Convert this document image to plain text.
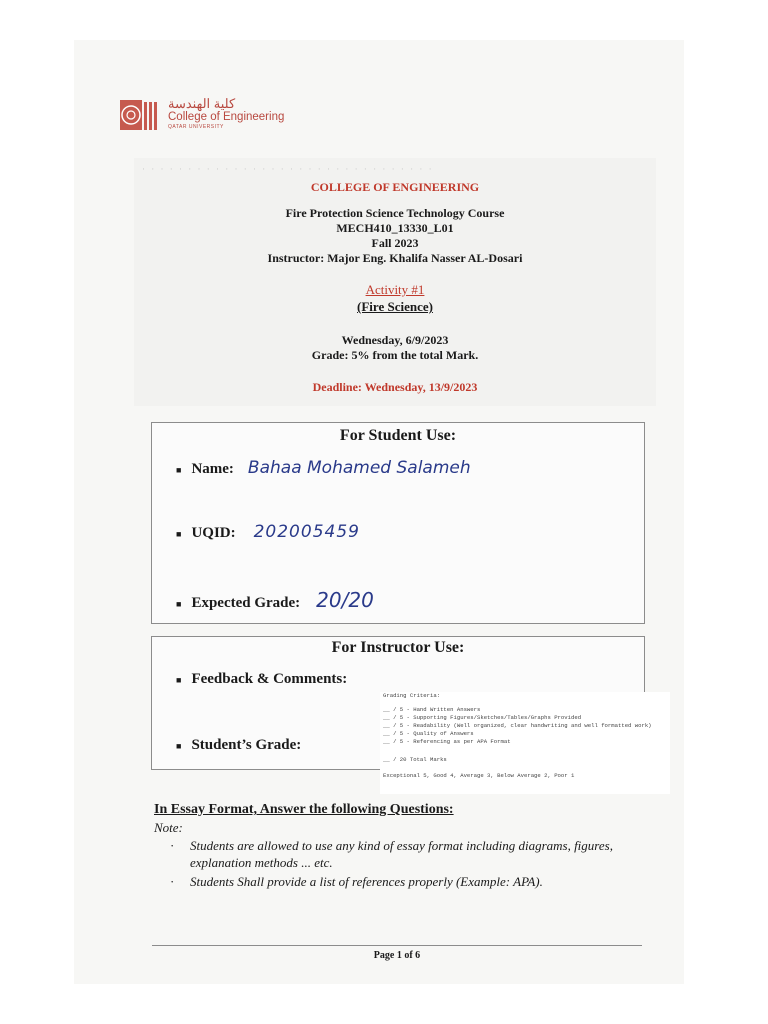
كلية الهندسة
College of Engineering
QATAR UNIVERSITY
· · · · · · · · · · · · · · · · · · · · · · · · · · · · · · · ·
COLLEGE OF ENGINEERING
Fire Protection Science Technology Course
MECH410_13330_L01
Fall 2023
Instructor: Major Eng. Khalifa Nasser AL-Dosari
Activity #1
(Fire Science)
Wednesday, 6/9/2023
Grade: 5% from the total Mark.
Deadline: Wednesday, 13/9/2023
For Student Use:
■ Name: Bahaa Mohamed Salameh
■ UQID: 202005459
■ Expected Grade: 20/20
For Instructor Use:
■ Feedback & Comments:
■ Student’s Grade:
Grading Criteria:
__ / 5 - Hand Written Answers
__ / 5 - Supporting Figures/Sketches/Tables/Graphs Provided
__ / 5 - Readability (Well organized, clear handwriting and well formatted work)
__ / 5 - Quality of Answers
__ / 5 - Referencing as per APA Format
__ / 20 Total Marks
Exceptional 5, Good 4, Average 3, Below Average 2, Poor 1
In Essay Format, Answer the following Questions:
Note:
· Students are allowed to use any kind of essay format including diagrams, figures, explanation methods ... etc.
· Students Shall provide a list of references properly (Example: APA).
Page 1 of 6
